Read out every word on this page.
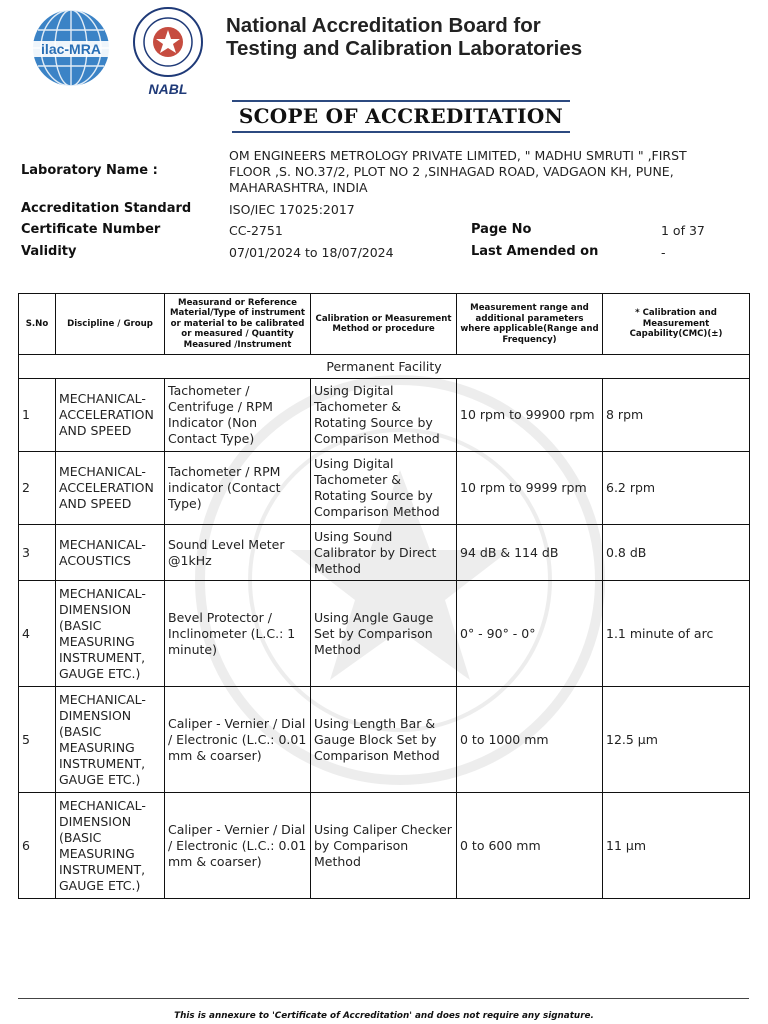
ilac-MRA
NABL
National Accreditation Board for
Testing and Calibration Laboratories
SCOPE OF ACCREDITATION
Laboratory Name :
OM ENGINEERS METROLOGY PRIVATE LIMITED, " MADHU SMRUTI " ,FIRST
FLOOR ,S. NO.37/2, PLOT NO 2 ,SINHAGAD ROAD, VADGAON KH, PUNE,
MAHARASHTRA, INDIA
Accreditation Standard	ISO/IEC 17025:2017
Certificate Number	CC-2751	Page No	1 of 37
Validity	07/01/2024 to 18/07/2024	Last Amended on	-
S.No	Discipline / Group	Measurand or Reference Material/Type of instrument or material to be calibrated or measured / Quantity Measured /Instrument	Calibration or Measurement Method or procedure	Measurement range and additional parameters where applicable(Range and Frequency)	* Calibration and Measurement Capability(CMC)(±)
Permanent Facility					
1	MECHANICAL- ACCELERATION AND SPEED	Tachometer / Centrifuge / RPM Indicator (Non Contact Type)	Using Digital Tachometer & Rotating Source by Comparison Method	10 rpm to 99900 rpm	8 rpm
2	MECHANICAL- ACCELERATION AND SPEED	Tachometer / RPM indicator (Contact Type)	Using Digital Tachometer & Rotating Source by Comparison Method	10 rpm to 9999 rpm	6.2 rpm
3	MECHANICAL- ACOUSTICS	Sound Level Meter @1kHz	Using Sound Calibrator by Direct Method	94 dB & 114 dB	0.8 dB
4	MECHANICAL- DIMENSION (BASIC MEASURING INSTRUMENT, GAUGE ETC.)	Bevel Protector / Inclinometer (L.C.: 1 minute)	Using Angle Gauge Set by Comparison Method	0° - 90° - 0°	1.1 minute of arc
5	MECHANICAL- DIMENSION (BASIC MEASURING INSTRUMENT, GAUGE ETC.)	Caliper - Vernier / Dial / Electronic (L.C.: 0.01 mm & coarser)	Using Length Bar & Gauge Block Set by Comparison Method	0 to 1000 mm	12.5 µm
6	MECHANICAL- DIMENSION (BASIC MEASURING INSTRUMENT, GAUGE ETC.)	Caliper - Vernier / Dial / Electronic (L.C.: 0.01 mm & coarser)	Using Caliper Checker by Comparison Method	0 to 600 mm	11 µm
This is annexure to 'Certificate of Accreditation' and does not require any signature.
